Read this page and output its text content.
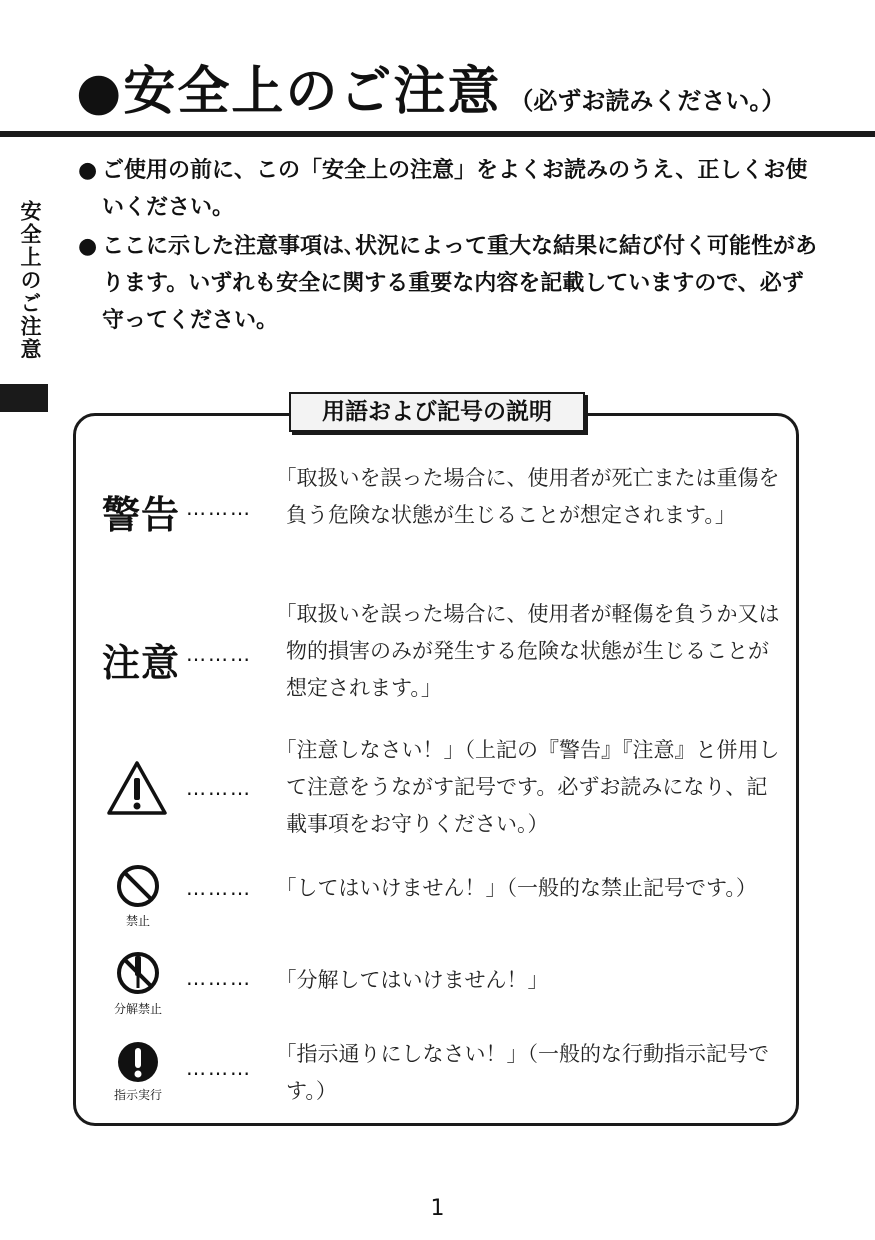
●安全上のご注意 （必ずお読みください。）
安全上のご注意
● ご使用の前に、この「安全上の注意」をよくお読みのうえ、正しくお使いください。
● ここに示した注意事項は､状況によって重大な結果に結び付く可能性があります。いずれも安全に関する重要な内容を記載していますので、必ず守ってください。
用語および記号の説明
警告 ………
｢取扱いを誤った場合に、使用者が死亡または重傷を負う危険な状態が生じることが想定されます。｣
注意 ………
｢取扱いを誤った場合に、使用者が軽傷を負うか又は物的損害のみが発生する危険な状態が生じることが想定されます。｣
………
｢注意しなさい！｣（上記の『警告』『注意』と併用して注意をうながす記号です。必ずお読みになり、記載事項をお守りください。）
禁止
……… ｢してはいけません！｣（一般的な禁止記号です。）
分解禁止
……… ｢分解してはいけません！｣
指示実行
………
｢指示通りにしなさい！｣（一般的な行動指示記号です。）
1
